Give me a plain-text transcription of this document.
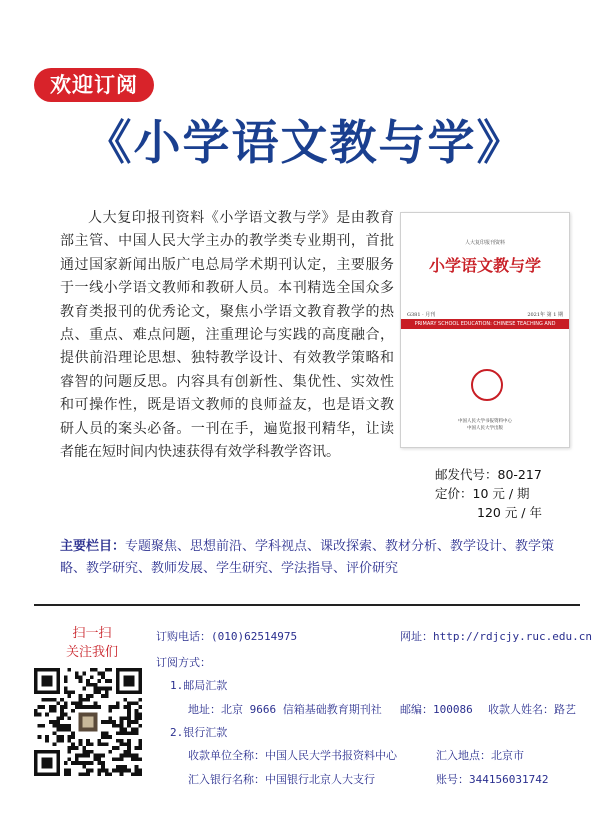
欢迎订阅
《小学语文教与学》
人大复印报刊资料《小学语文教与学》是由教育部主管、中国人民大学主办的教学类专业期刊，首批通过国家新闻出版广电总局学术期刊认定，主要服务于一线小学语文教师和教研人员。本刊精选全国众多教育类报刊的优秀论文，聚焦小学语文教育教学的热点、重点、难点问题，注重理论与实践的高度融合，提供前沿理论思想、独特教学设计、有效教学策略和睿智的问题反思。内容具有创新性、集优性、实效性和可操作性，既是语文教师的良师益友，也是语文教研人员的案头必备。一刊在手，遍览报刊精华，让读者能在短时间内快速获得有效学科教学咨讯。
人大复印报刊资料
小学语文教与学
G381 · 月刊	2021年 第 1 期
PRIMARY SCHOOL EDUCATION: CHINESE TEACHING AND LEARNING
中国人民大学书报资料中心
中国人民大学出版
邮发代号：80-217
定价：10 元 / 期
120 元 / 年
主要栏目：专题聚焦、思想前沿、学科视点、课改探索、教材分析、教学设计、教学策略、教学研究、教师发展、学生研究、学法指导、评价研究
扫一扫
关注我们
订购电话：(010)62514975	网址：http://rdjcjy.ruc.edu.cn
订阅方式：
1.邮局汇款
地址：北京 9666 信箱基础教育期刊社 邮编：100086 收款人姓名：路艺
2.银行汇款
收款单位全称：中国人民大学书报资料中心	汇入地点：北京市
汇入银行名称：中国银行北京人大支行	账号：344156031742
